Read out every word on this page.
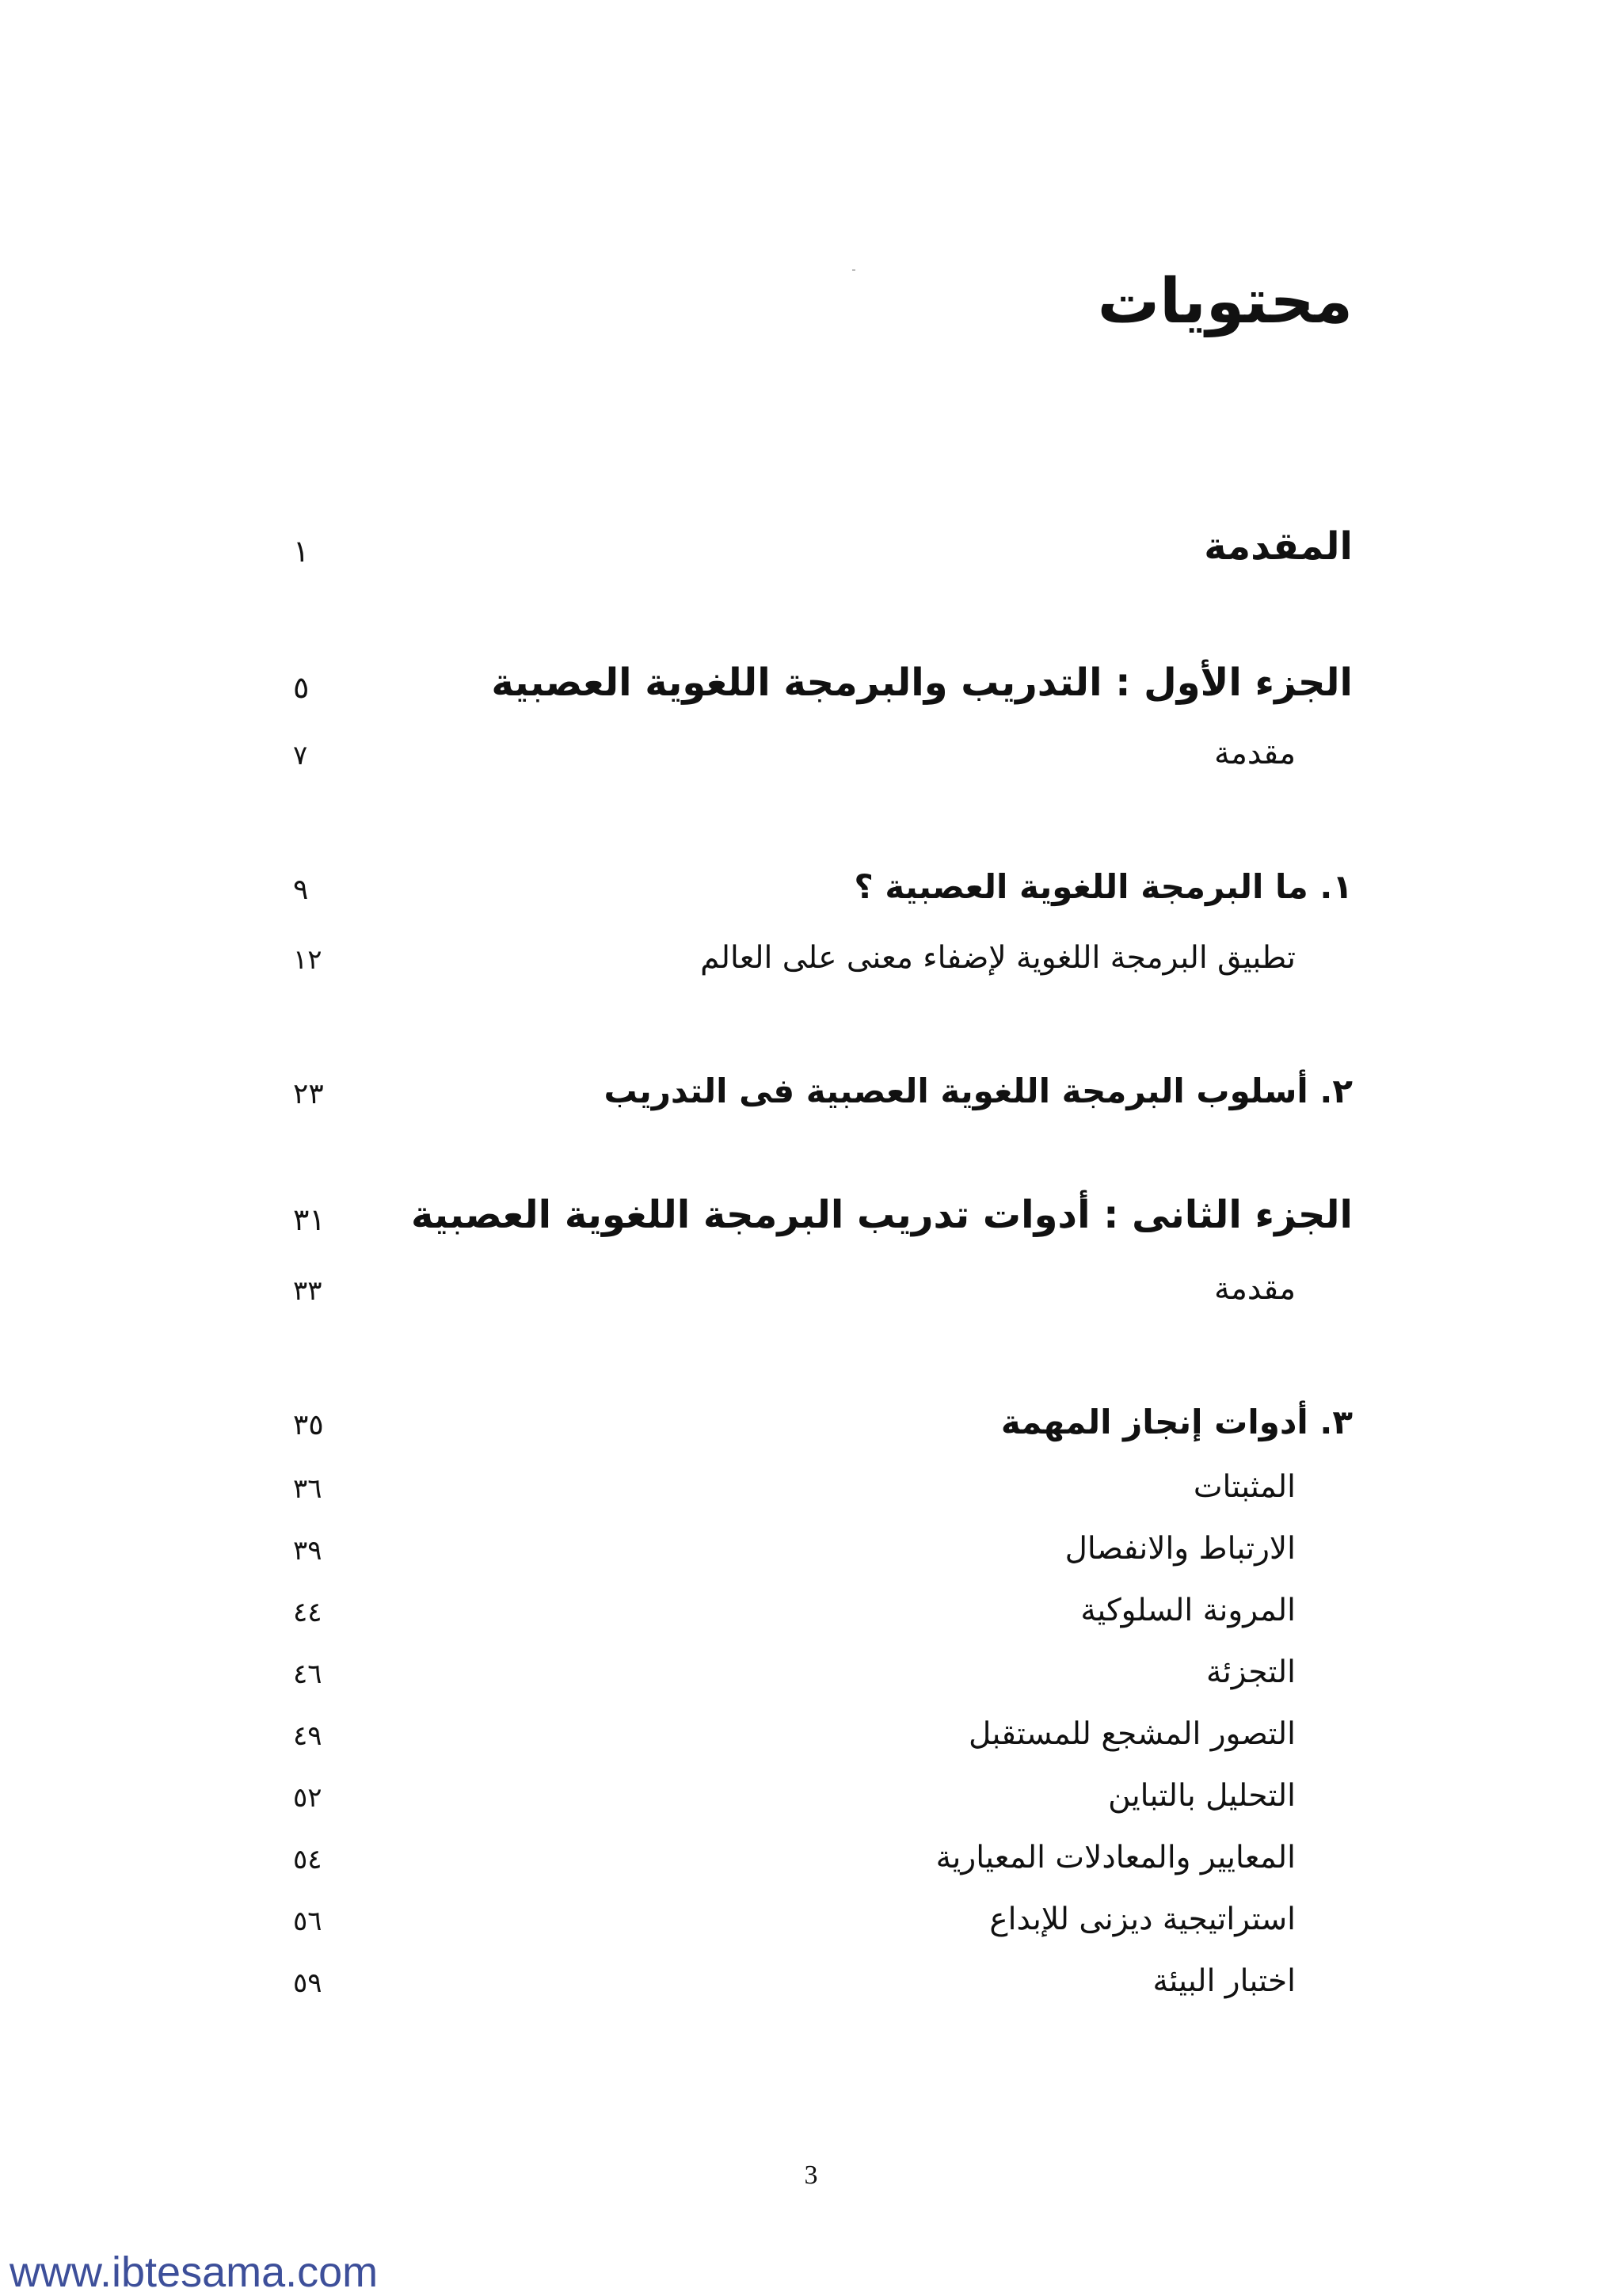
محتويات
المقدمة
١
الجزء الأول : التدريب والبرمجة اللغوية العصبية
٥
مقدمة
٧
١. ما البرمجة اللغوية العصبية ؟
٩
تطبيق البرمجة اللغوية لإضفاء معنى على العالم
١٢
٢. أسلوب البرمجة اللغوية العصبية فى التدريب
٢٣
الجزء الثانى : أدوات تدريب البرمجة اللغوية العصبية
٣١
مقدمة
٣٣
٣. أدوات إنجاز المهمة
٣٥
المثبتات
٣٦
الارتباط والانفصال
٣٩
المرونة السلوكية
٤٤
التجزئة
٤٦
التصور المشجع للمستقبل
٤٩
التحليل بالتباين
٥٢
المعايير والمعادلات المعيارية
٥٤
استراتيجية ديزنى للإبداع
٥٦
اختبار البيئة
٥٩
3
www.ibtesama.com
